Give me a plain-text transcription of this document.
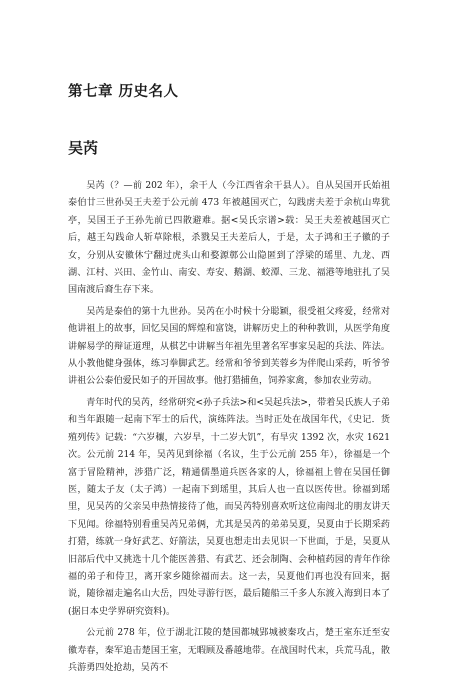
第七章 历史名人
吴芮

吴芮（？—前 202 年），余干人（今江西省余干县人）。自从吴国开氏始祖泰伯廿三世孙吴王夫差于公元前 473 年被越国灭亡，勾践虏夫差于余杭山卑犹亭，吴国王子王孙先前已四散避难。据<吴氏宗谱>载：吴王夫差被越国灭亡后，越王勾践命人斩草除根，杀戮吴王夫差后人，于是，太子鸿和王子徽的子女，分别从安徽休宁翻过虎头山和婺源鄣公山隐匿到了浮梁的瑶里、九龙、西湖、江村、兴田、金竹山、南安、寿安、鹅湖、蛟潭、三龙、福港等地驻扎了吴国南渡后裔生存下来。

吴芮是泰伯的第十九世孙。吴芮在小时候十分聪颖，很受祖父疼爱，经常对他讲祖上的故事，回忆吴国的辉煌和富饶，讲解历史上的种种教训，从医学角度讲解易学的辩证道理，从棋艺中讲解当年祖先里著名军事家吴起的兵法、阵法。从小教他健身强体，练习拳脚武艺。经常和爷爷到芙蓉乡为伴爬山采药，听爷爷讲祖公公泰伯爱民如子的开国故事。他打猎捕鱼，饲养家禽，参加农业劳动。

青年时代的吴芮，经常研究<孙子兵法>和<吴起兵法>，带着吴氏族人子弟和当年跟随一起南下军士的后代，演练阵法。当时正处在战国年代，《史记．货殖列传》记载：“六岁穰，六岁旱，十二岁大饥”，有旱灾 1392 次，水灾 1621 次。公元前 214 年，吴芮见到徐福（名议，生于公元前 255 年），徐福是一个富于冒险精神，涉猎广泛，精通儒墨道兵医各家的人，徐福祖上曾在吴国任御医，随太子友（太子鸿）一起南下到瑶里，其后人也一直以医传世。徐福到瑶里，见吴芮的父亲吴申热情接待了他，而吴芮特别喜欢听这位南闯北的朋友讲天下见闻。徐福特别看重吴芮兄弟俩，尤其是吴芮的弟弟吴夏，吴夏由于长期采药打猎，练就一身好武艺、好箭法，吴夏也想走出去见识一下世面，于是，吴夏从旧部后代中又挑选十几个能医善猎、有武艺、还会制陶、会种植药园的青年作徐福的弟子和侍卫，离开家乡随徐福而去。这一去，吴夏他们再也没有回来，据说，随徐福走遍名山大岳，四处寻游行医，最后随船三千多人东渡入海到日本了(据日本史学界研究资料)。

公元前 278 年，位于湖北江陵的楚国都城郢城被秦攻占，楚王室东迁至安徽寿春，秦军追击楚国王室，无暇顾及番越地带。在战国时代末，兵荒马乱，散兵游勇四处抢劫，吴芮不
